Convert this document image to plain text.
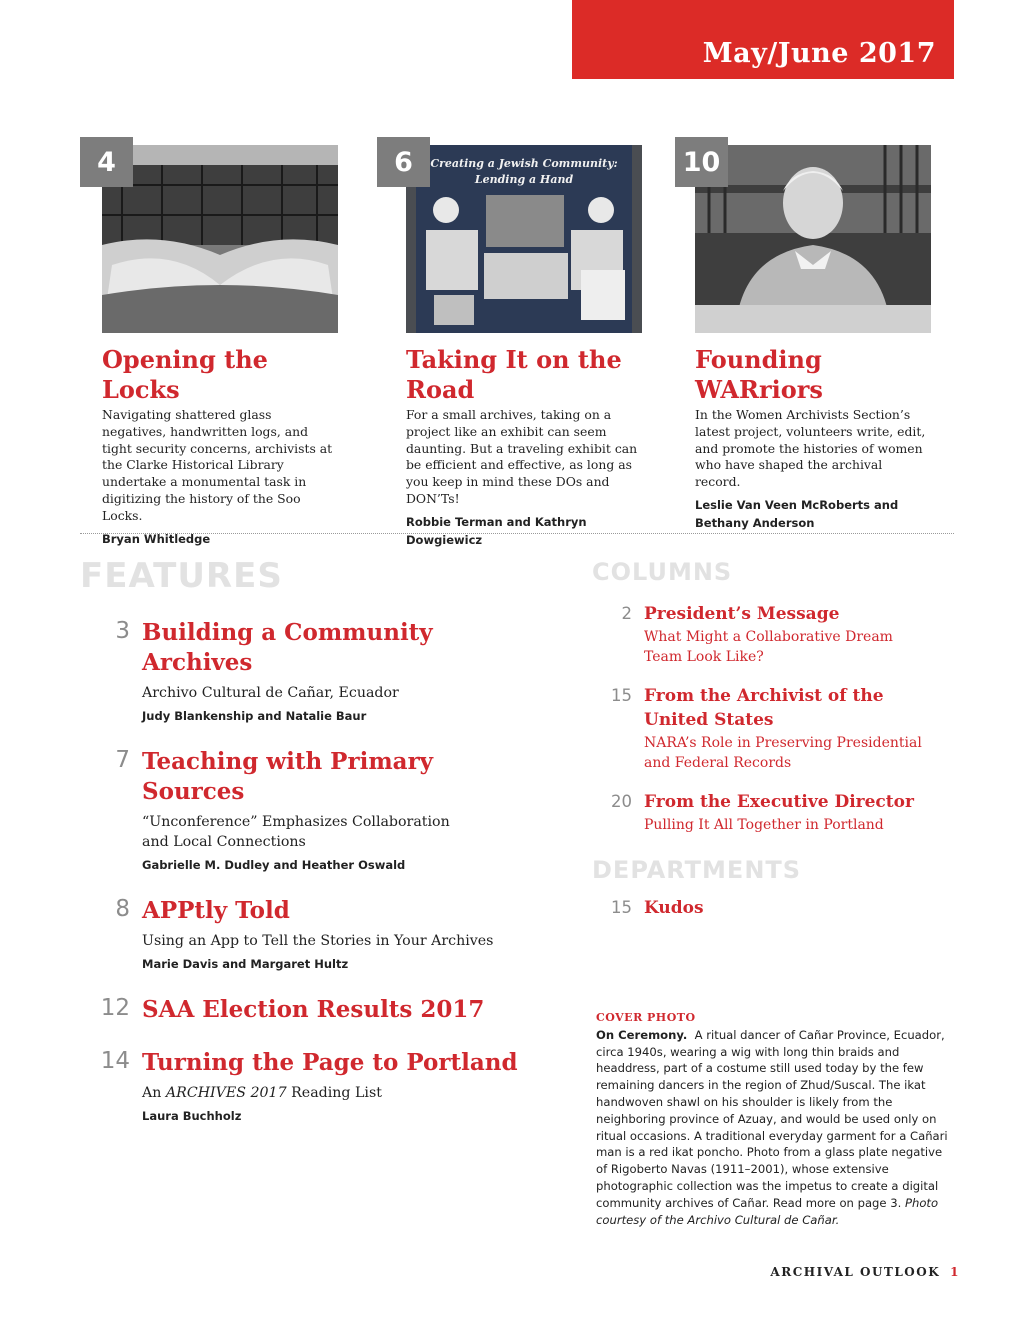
May/June 2017
Opening the Locks

Navigating shattered glass negatives, handwritten logs, and tight security concerns, archivists at the Clarke Historical Library undertake a monumental task in digitizing the history of the Soo Locks.

Bryan Whitledge
4	Creating a Jewish Community:
Lending a Hand
Taking It on the Road

For a small archives, taking on a project like an exhibit can seem daunting. But a traveling exhibit can be efficient and effective, as long as you keep in mind these DOs and DON’Ts!

Robbie Terman and Kathryn Dowgiewicz
6
Founding WARriors

In the Women Archivists Section’s latest project, volunteers write, edit, and promote the histories of women who have shaped the archival record.

Leslie Van Veen McRoberts and Bethany Anderson
10
FEATURES
3 Building a Community Archives
Archivo Cultural de Cañar, Ecuador
Judy Blankenship and Natalie Baur
7 Teaching with Primary Sources
“Unconference” Emphasizes Collaboration and Local Connections
Gabrielle M. Dudley and Heather Oswald
8 APPtly Told
Using an App to Tell the Stories in Your Archives
Marie Davis and Margaret Hultz
12 SAA Election Results 2017
14 Turning the Page to Portland
An ARCHIVES 2017 Reading List
Laura Buchholz
COLUMNS
2 President’s Message
What Might a Collaborative Dream Team Look Like?
15 From the Archivist of the United States
NARA’s Role in Preserving Presidential and Federal Records
20 From the Executive Director
Pulling It All Together in Portland
DEPARTMENTS
15 Kudos
COVER PHOTO
On Ceremony. A ritual dancer of Cañar Province, Ecuador, circa 1940s, wearing a wig with long thin braids and headdress, part of a costume still used today by the few remaining dancers in the region of Zhud/Suscal. The ikat handwoven shawl on his shoulder is likely from the neighboring province of Azuay, and would be used only on ritual occasions. A traditional everyday garment for a Cañari man is a red ikat poncho. Photo from a glass plate negative of Rigoberto Navas (1911–2001), whose extensive photographic collection was the impetus to create a digital community archives of Cañar. Read more on page 3. Photo courtesy of the Archivo Cultural de Cañar.
ARCHIVAL OUTLOOK 1
